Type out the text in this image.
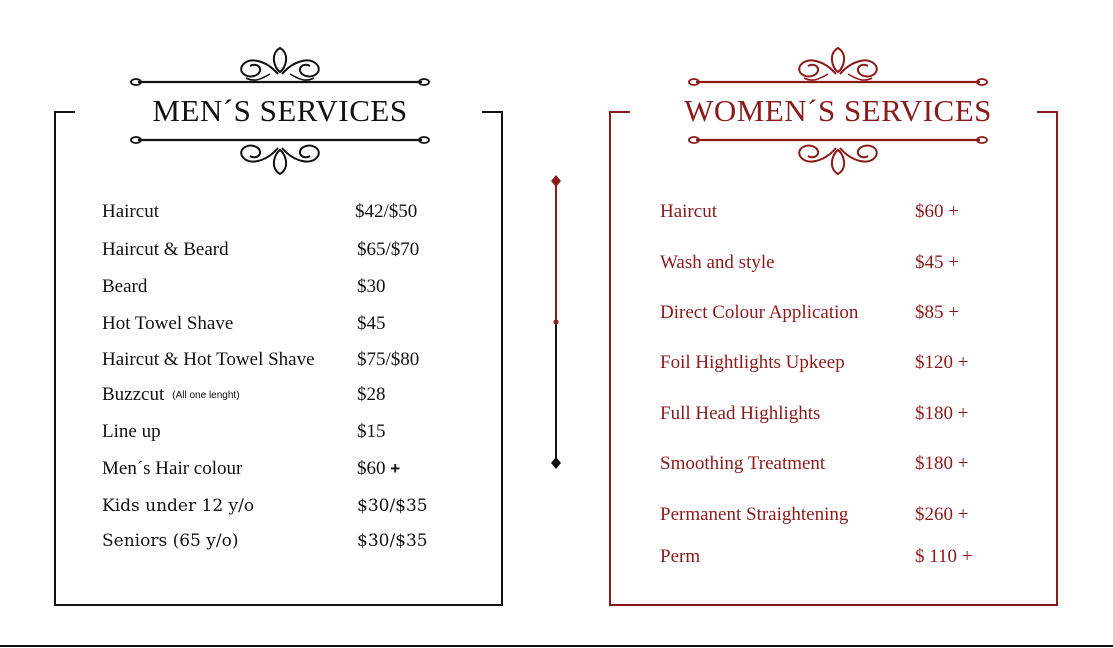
MEN´S SERVICES
Haircut	$42/$50
Haircut & Beard	$65/$70
Beard	$30
Hot Towel Shave	$45
Haircut & Hot Towel Shave $75/$80
Buzzcut (All one lenght)	$28
Line up	$15
Men´s Hair colour	$60 +
Kids under 12 y/o	$30/$35
Seniors (65 y/o)	$30/$35
WOMEN´S SERVICES
Haircut	$60 +
Wash and style	$45 +
Direct Colour Application	$85 +
Foil Hightlights Upkeep	$120 +
Full Head Highlights	$180 +
Smoothing Treatment	$180 +
Permanent Straightening	$260 +
Perm	$ 110 +
